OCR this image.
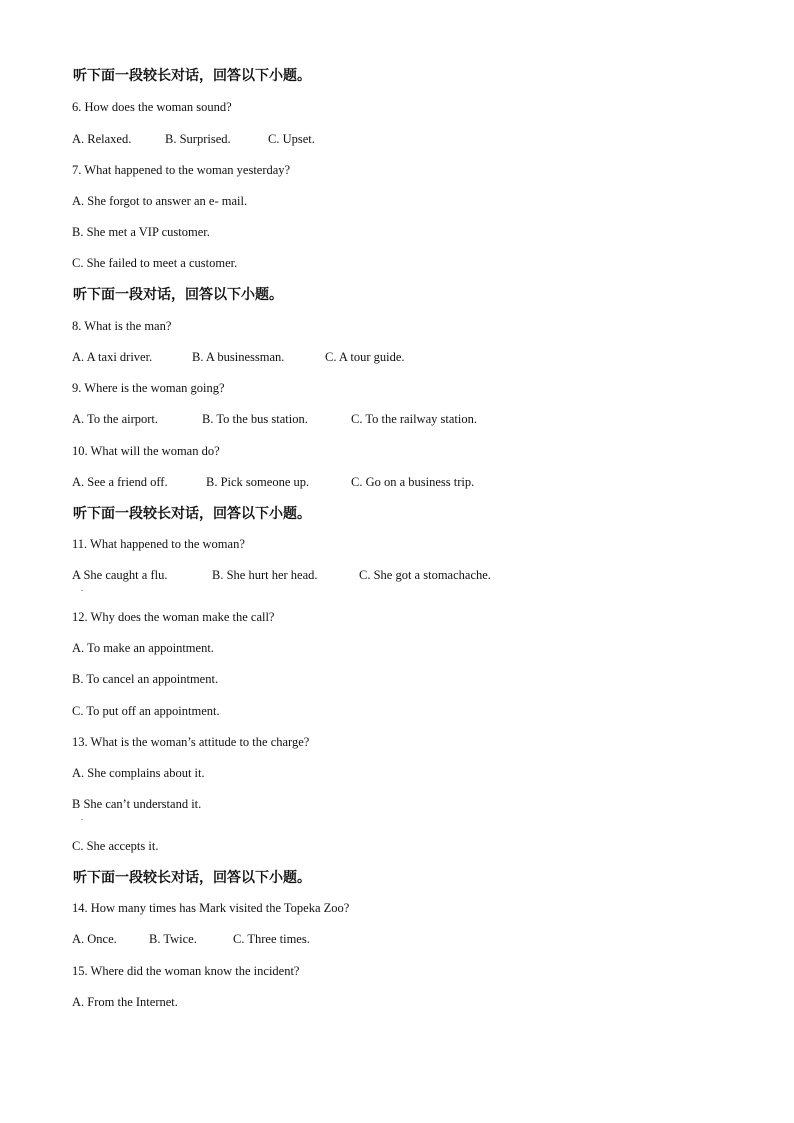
听下面一段较长对话，回答以下小题。

6. How does the woman sound?

A. Relaxed.	B. Surprised.	C. Upset.

7. What happened to the woman yesterday?

A. She forgot to answer an e- mail.

B. She met a VIP customer.

C. She failed to meet a customer.

听下面一段对话，回答以下小题。

8. What is the man?

A. A taxi driver.	B. A businessman.	C. A tour guide.

9. Where is the woman going?

A. To the airport.	B. To the bus station.	C. To the railway station.

10. What will the woman do?

A. See a friend off.	B. Pick someone up.	C. Go on a business trip.

听下面一段较长对话，回答以下小题。

11. What happened to the woman?

A She caught a flu.	B. She hurt her head.	C. She got a stomachache.

.

12. Why does the woman make the call?

A. To make an appointment.

B. To cancel an appointment.

C. To put off an appointment.

13. What is the woman’s attitude to the charge?

A. She complains about it.

B She can’t understand it.

.

C. She accepts it.

听下面一段较长对话，回答以下小题。

14. How many times has Mark visited the Topeka Zoo?

A. Once.	B. Twice.	C. Three times.

15. Where did the woman know the incident?

A. From the Internet.
